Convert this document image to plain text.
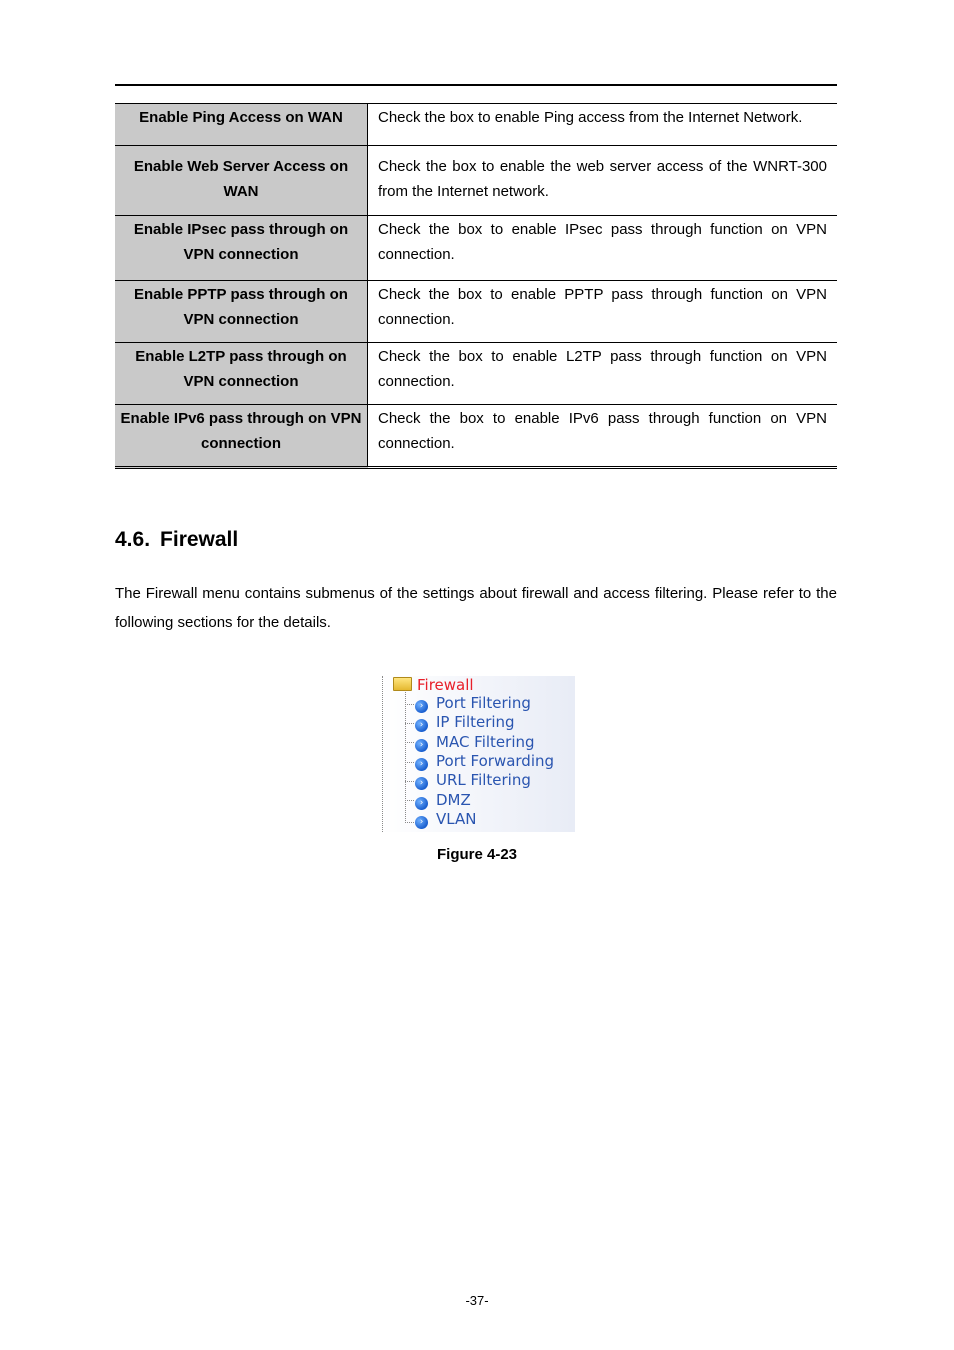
Enable Ping Access on WAN	Check the box to enable Ping access from the Internet Network.
Enable Web Server Access on WAN	Check the box to enable the web server access of the WNRT-300 from the Internet network.

Enable IPsec pass through on VPN connection	Check the box to enable IPsec pass through function on VPN connection.
Enable PPTP pass through on VPN connection	Check the box to enable PPTP pass through function on VPN connection.
Enable L2TP pass through on VPN connection	Check the box to enable L2TP pass through function on VPN connection.
Enable IPv6 pass through on VPN connection	Check the box to enable IPv6 pass through function on VPN connection.
4.6. Firewall
The Firewall menu contains submenus of the settings about firewall and access filtering. Please refer to the following sections for the details.
Firewall
› Port Filtering
› IP Filtering
› MAC Filtering
› Port Forwarding
› URL Filtering
› DMZ
› VLAN
Figure 4-23
-37-
